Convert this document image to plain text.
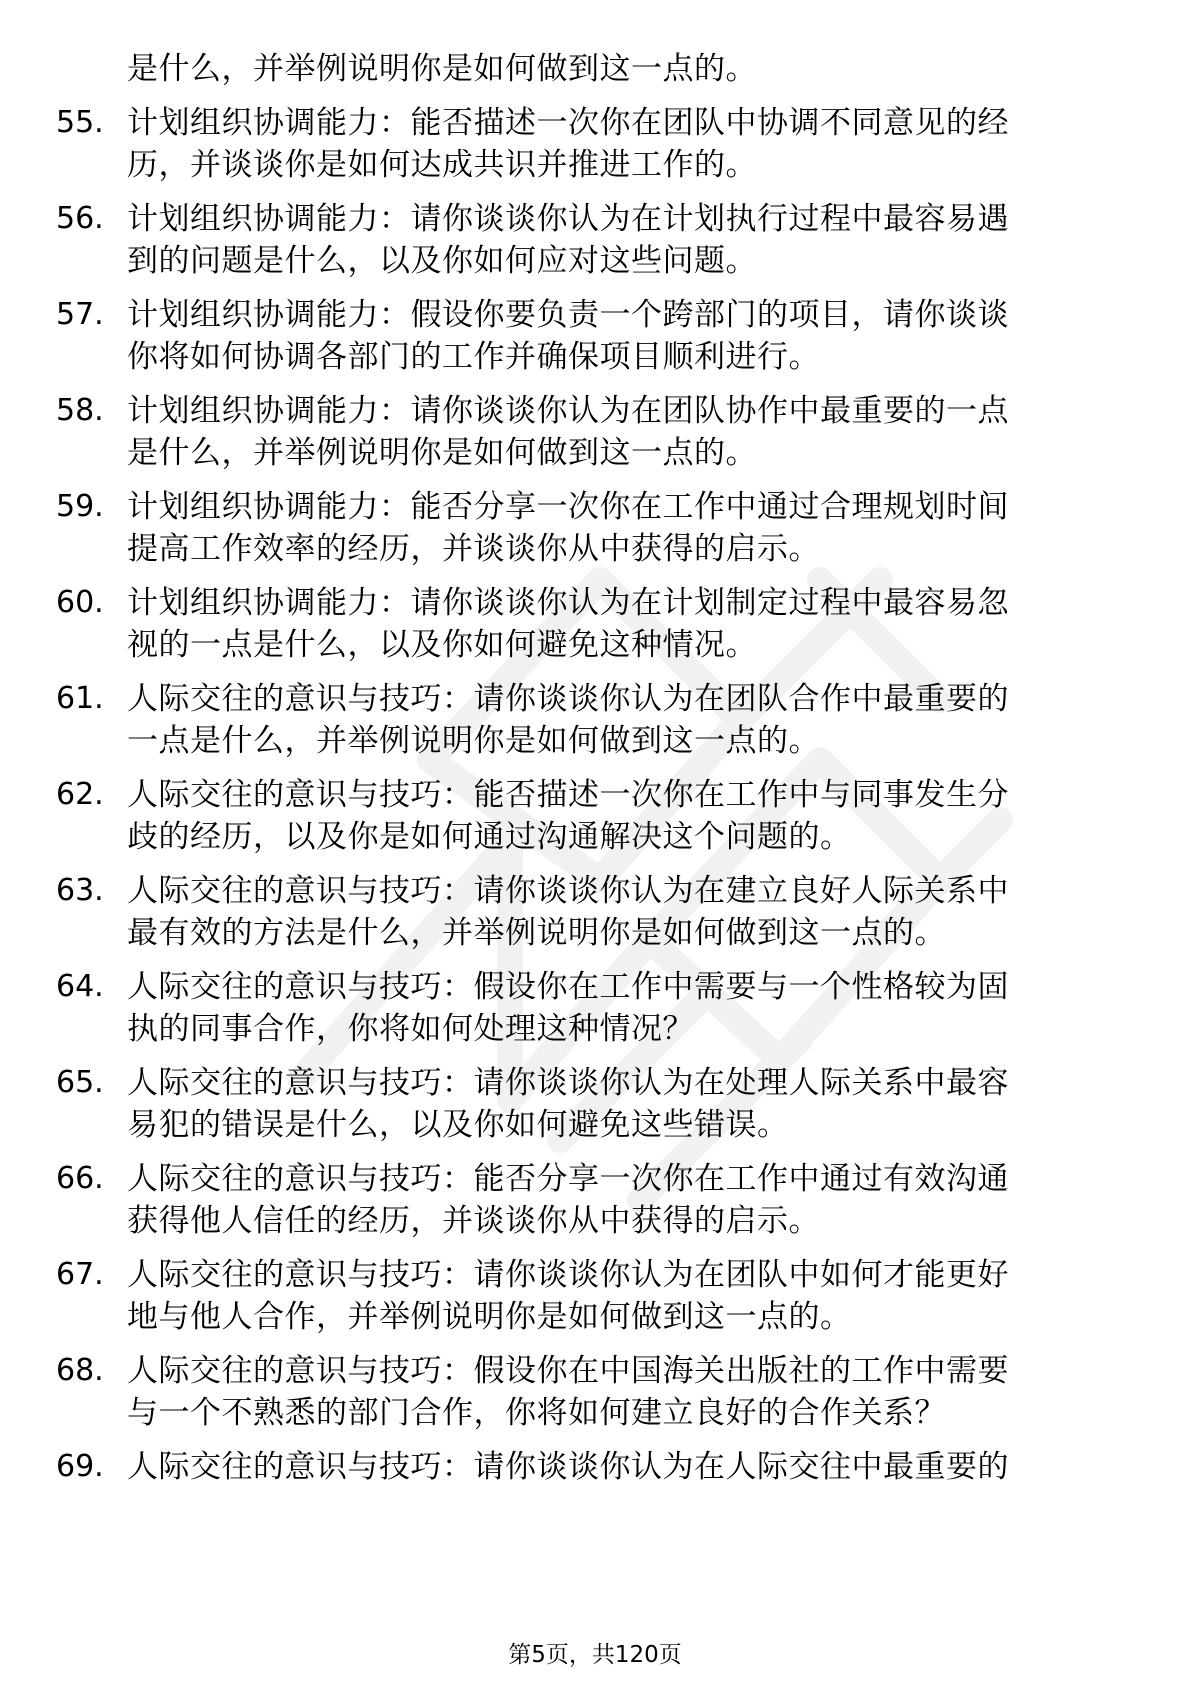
是什么，并举例说明你是如何做到这一点的。
55. 计划组织协调能力：能否描述一次你在团队中协调不同意见的经
历，并谈谈你是如何达成共识并推进工作的。
56. 计划组织协调能力：请你谈谈你认为在计划执行过程中最容易遇
到的问题是什么，以及你如何应对这些问题。
57. 计划组织协调能力：假设你要负责一个跨部门的项目，请你谈谈
你将如何协调各部门的工作并确保项目顺利进行。
58. 计划组织协调能力：请你谈谈你认为在团队协作中最重要的一点
是什么，并举例说明你是如何做到这一点的。
59. 计划组织协调能力：能否分享一次你在工作中通过合理规划时间
提高工作效率的经历，并谈谈你从中获得的启示。
60. 计划组织协调能力：请你谈谈你认为在计划制定过程中最容易忽
视的一点是什么，以及你如何避免这种情况。
61. 人际交往的意识与技巧：请你谈谈你认为在团队合作中最重要的
一点是什么，并举例说明你是如何做到这一点的。
62. 人际交往的意识与技巧：能否描述一次你在工作中与同事发生分
歧的经历，以及你是如何通过沟通解决这个问题的。
63. 人际交往的意识与技巧：请你谈谈你认为在建立良好人际关系中
最有效的方法是什么，并举例说明你是如何做到这一点的。
64. 人际交往的意识与技巧：假设你在工作中需要与一个性格较为固
执的同事合作，你将如何处理这种情况？
65. 人际交往的意识与技巧：请你谈谈你认为在处理人际关系中最容
易犯的错误是什么，以及你如何避免这些错误。
66. 人际交往的意识与技巧：能否分享一次你在工作中通过有效沟通
获得他人信任的经历，并谈谈你从中获得的启示。
67. 人际交往的意识与技巧：请你谈谈你认为在团队中如何才能更好
地与他人合作，并举例说明你是如何做到这一点的。
68. 人际交往的意识与技巧：假设你在中国海关出版社的工作中需要
与一个不熟悉的部门合作，你将如何建立良好的合作关系？
69. 人际交往的意识与技巧：请你谈谈你认为在人际交往中最重要的
第5页，共120页
